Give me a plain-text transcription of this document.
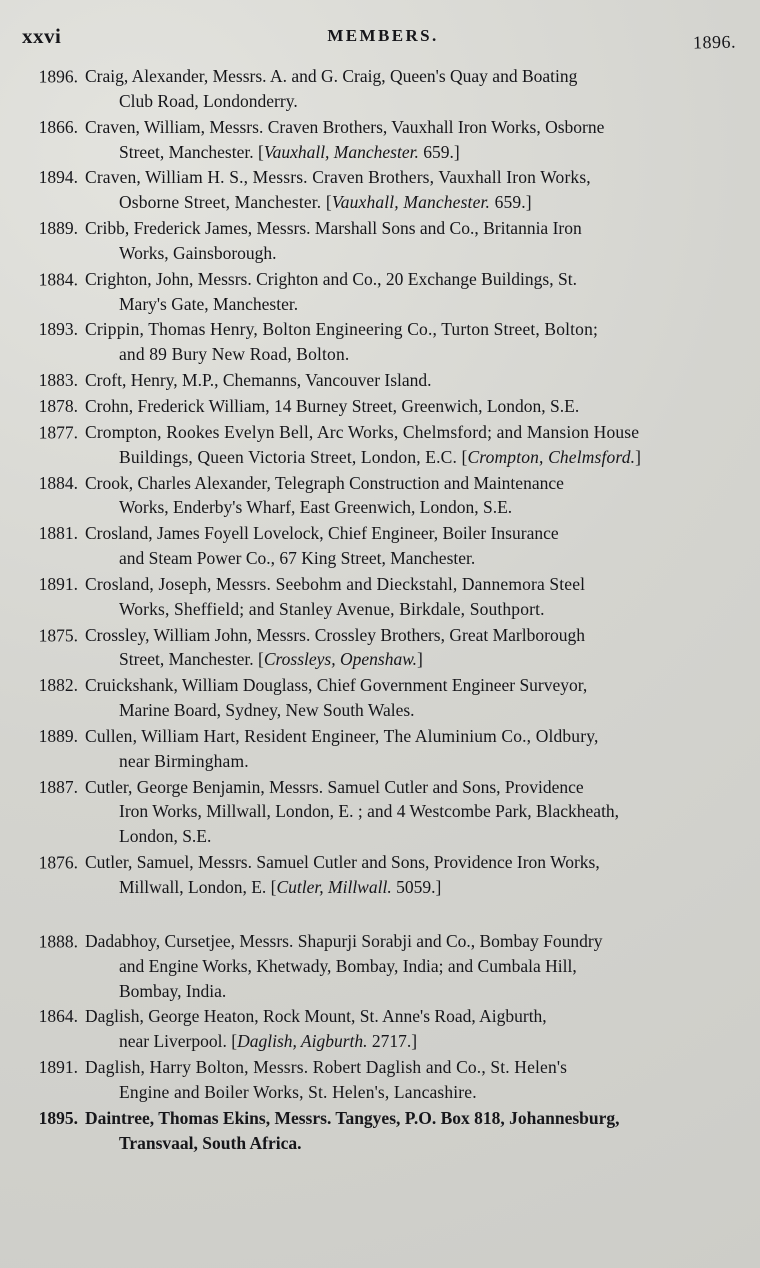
xxvi	MEMBERS.	1896.
1896. Craig, Alexander, Messrs. A. and G. Craig, Queen's Quay and Boating
Club Road, Londonderry.
1866. Craven, William, Messrs. Craven Brothers, Vauxhall Iron Works, Osborne
Street, Manchester. [Vauxhall, Manchester. 659.]
1894. Craven, William H. S., Messrs. Craven Brothers, Vauxhall Iron Works,
Osborne Street, Manchester. [Vauxhall, Manchester. 659.]
1889. Cribb, Frederick James, Messrs. Marshall Sons and Co., Britannia Iron
Works, Gainsborough.
1884. Crighton, John, Messrs. Crighton and Co., 20 Exchange Buildings, St.
Mary's Gate, Manchester.
1893. Crippin, Thomas Henry, Bolton Engineering Co., Turton Street, Bolton;
and 89 Bury New Road, Bolton.
1883. Croft, Henry, M.P., Chemanns, Vancouver Island.
1878. Crohn, Frederick William, 14 Burney Street, Greenwich, London, S.E.
1877. Crompton, Rookes Evelyn Bell, Arc Works, Chelmsford; and Mansion House
Buildings, Queen Victoria Street, London, E.C. [Crompton, Chelmsford.]
1884. Crook, Charles Alexander, Telegraph Construction and Maintenance
Works, Enderby's Wharf, East Greenwich, London, S.E.
1881. Crosland, James Foyell Lovelock, Chief Engineer, Boiler Insurance
and Steam Power Co., 67 King Street, Manchester.
1891. Crosland, Joseph, Messrs. Seebohm and Dieckstahl, Dannemora Steel
Works, Sheffield; and Stanley Avenue, Birkdale, Southport.
1875. Crossley, William John, Messrs. Crossley Brothers, Great Marlborough
Street, Manchester. [Crossleys, Openshaw.]
1882. Cruickshank, William Douglass, Chief Government Engineer Surveyor,
Marine Board, Sydney, New South Wales.
1889. Cullen, William Hart, Resident Engineer, The Aluminium Co., Oldbury,
near Birmingham.
1887. Cutler, George Benjamin, Messrs. Samuel Cutler and Sons, Providence
Iron Works, Millwall, London, E. ; and 4 Westcombe Park, Blackheath,
London, S.E.
1876. Cutler, Samuel, Messrs. Samuel Cutler and Sons, Providence Iron Works,
Millwall, London, E. [Cutler, Millwall. 5059.]
1888. Dadabhoy, Cursetjee, Messrs. Shapurji Sorabji and Co., Bombay Foundry
and Engine Works, Khetwady, Bombay, India; and Cumbala Hill,
Bombay, India.
1864. Daglish, George Heaton, Rock Mount, St. Anne's Road, Aigburth,
near Liverpool. [Daglish, Aigburth. 2717.]
1891. Daglish, Harry Bolton, Messrs. Robert Daglish and Co., St. Helen's
Engine and Boiler Works, St. Helen's, Lancashire.
1895. Daintree, Thomas Ekins, Messrs. Tangyes, P.O. Box 818, Johannesburg,
Transvaal, South Africa.
